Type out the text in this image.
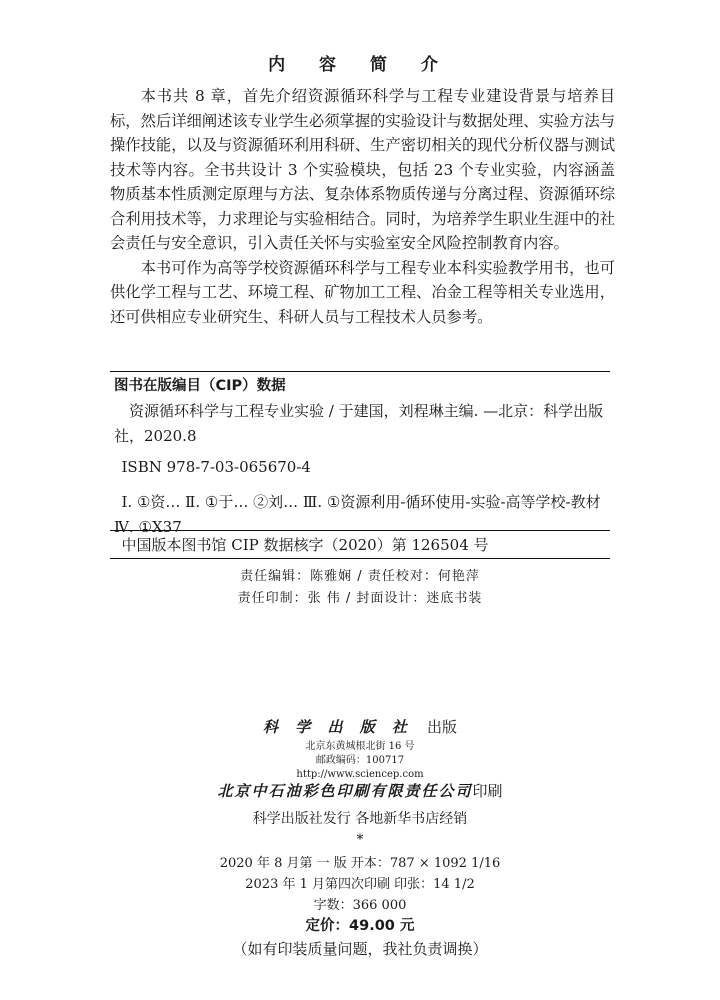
内 容 简 介

本书共 8 章，首先介绍资源循环科学与工程专业建设背景与培养目标，然后详细阐述该专业学生必须掌握的实验设计与数据处理、实验方法与操作技能，以及与资源循环利用科研、生产密切相关的现代分析仪器与测试技术等内容。全书共设计 3 个实验模块，包括 23 个专业实验，内容涵盖物质基本性质测定原理与方法、复杂体系物质传递与分离过程、资源循环综合利用技术等，力求理论与实验相结合。同时，为培养学生职业生涯中的社会责任与安全意识，引入责任关怀与实验室安全风险控制教育内容。

本书可作为高等学校资源循环科学与工程专业本科实验教学用书，也可供化学工程与工艺、环境工程、矿物加工工程、冶金工程等相关专业选用，还可供相应专业研究生、科研人员与工程技术人员参考。

图书在版编目（CIP）数据
资源循环科学与工程专业实验 / 于建国，刘程琳主编. —北京：科学出版社，2020.8
ISBN 978-7-03-065670-4
Ⅰ. ①资… Ⅱ. ①于… ②刘… Ⅲ. ①资源利用-循环使用-实验-高等学校-教材 Ⅳ. ①X37
中国版本图书馆 CIP 数据核字（2020）第 126504 号
责任编辑：陈雅娴 / 责任校对：何艳萍
责任印制：张 伟 / 封面设计：迷底书装
科 学 出 版 社 出版
北京东黄城根北街 16 号
邮政编码：100717
http://www.sciencep.com
北京中石油彩色印刷有限责任公司印刷
科学出版社发行 各地新华书店经销
*
2020 年 8 月第 一 版 开本：787 × 1092 1/16
2023 年 1 月第四次印刷 印张：14 1/2
字数：366 000
定价：49.00 元
（如有印装质量问题，我社负责调换）
